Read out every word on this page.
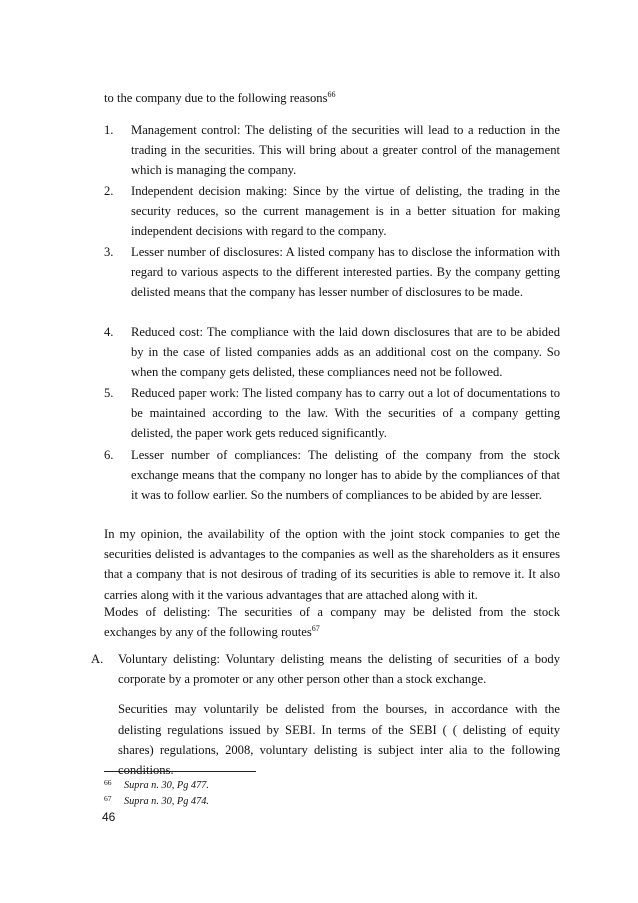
to the company due to the following reasons$^{66}$
1.	Management control: The delisting of the securities will lead to a reduction in the trading in the securities. This will bring about a greater control of the management which is managing the company.
2.	Independent decision making: Since by the virtue of delisting, the trading in the security reduces, so the current management is in a better situation for making independent decisions with regard to the company.
3.	Lesser number of disclosures: A listed company has to disclose the information with regard to various aspects to the different interested parties. By the company getting delisted means that the company has lesser number of disclosures to be made.
4.	Reduced cost: The compliance with the laid down disclosures that are to be abided by in the case of listed companies adds as an additional cost on the company. So when the company gets delisted, these compliances need not be followed.
5.	Reduced paper work: The listed company has to carry out a lot of documentations to be maintained according to the law. With the securities of a company getting delisted, the paper work gets reduced significantly.
6.	Lesser number of compliances: The delisting of the company from the stock exchange means that the company no longer has to abide by the compliances of that it was to follow earlier. So the numbers of compliances to be abided by are lesser.
In my opinion, the availability of the option with the joint stock companies to get the securities delisted is advantages to the companies as well as the shareholders as it ensures that a company that is not desirous of trading of its securities is able to remove it. It also carries along with it the various advantages that are attached along with it.
Modes of delisting: The securities of a company may be delisted from the stock exchanges by any of the following routes$^{67}$
A.	Voluntary delisting: Voluntary delisting means the delisting of securities of a body corporate by a promoter or any other person other than a stock exchange.
Securities may voluntarily be delisted from the bourses, in accordance with the delisting regulations issued by SEBI. In terms of the SEBI ( ( delisting of equity shares) regulations, 2008, voluntary delisting is subject inter alia to the following conditions.
66 Supra n. 30, Pg 477.
67 Supra n. 30, Pg 474.
46
